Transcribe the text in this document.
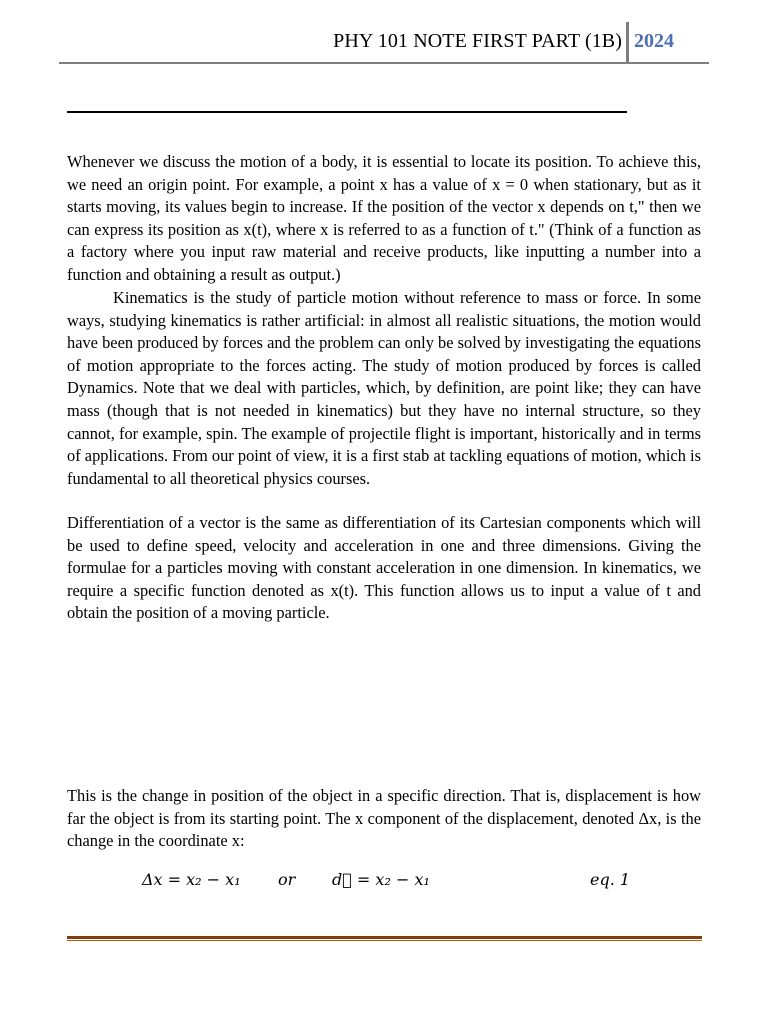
PHY 101 NOTE FIRST PART (1B) 2024

Whenever we discuss the motion of a body, it is essential to locate its position. To achieve this, we need an origin point. For example, a point x has a value of x = 0 when stationary, but as it starts moving, its values begin to increase. If the position of the vector x depends on t," then we can express its position as x(t), where x is referred to as a function of t." (Think of a function as a factory where you input raw material and receive products, like inputting a number into a function and obtaining a result as output.)

Kinematics is the study of particle motion without reference to mass or force. In some ways, studying kinematics is rather artificial: in almost all realistic situations, the motion would have been produced by forces and the problem can only be solved by investigating the equations of motion appropriate to the forces acting. The study of motion produced by forces is called Dynamics. Note that we deal with particles, which, by definition, are point like; they can have mass (though that is not needed in kinematics) but they have no internal structure, so they cannot, for example, spin. The example of projectile flight is important, historically and in terms of applications. From our point of view, it is a first stab at tackling equations of motion, which is fundamental to all theoretical physics courses.

Differentiation of a vector is the same as differentiation of its Cartesian components which will be used to define speed, velocity and acceleration in one and three dimensions. Giving the formulae for a particles moving with constant acceleration in one dimension. In kinematics, we require a specific function denoted as x(t). This function allows us to input a value of t and obtain the position of a moving particle.

This is the change in position of the object in a specific direction. That is, displacement is how far the object is from its starting point. The x component of the displacement, denoted Δx, is the change in the coordinate x:

Δx = x₂ − x₁ or d⃗ = x₂ − x₁	eq. 1
